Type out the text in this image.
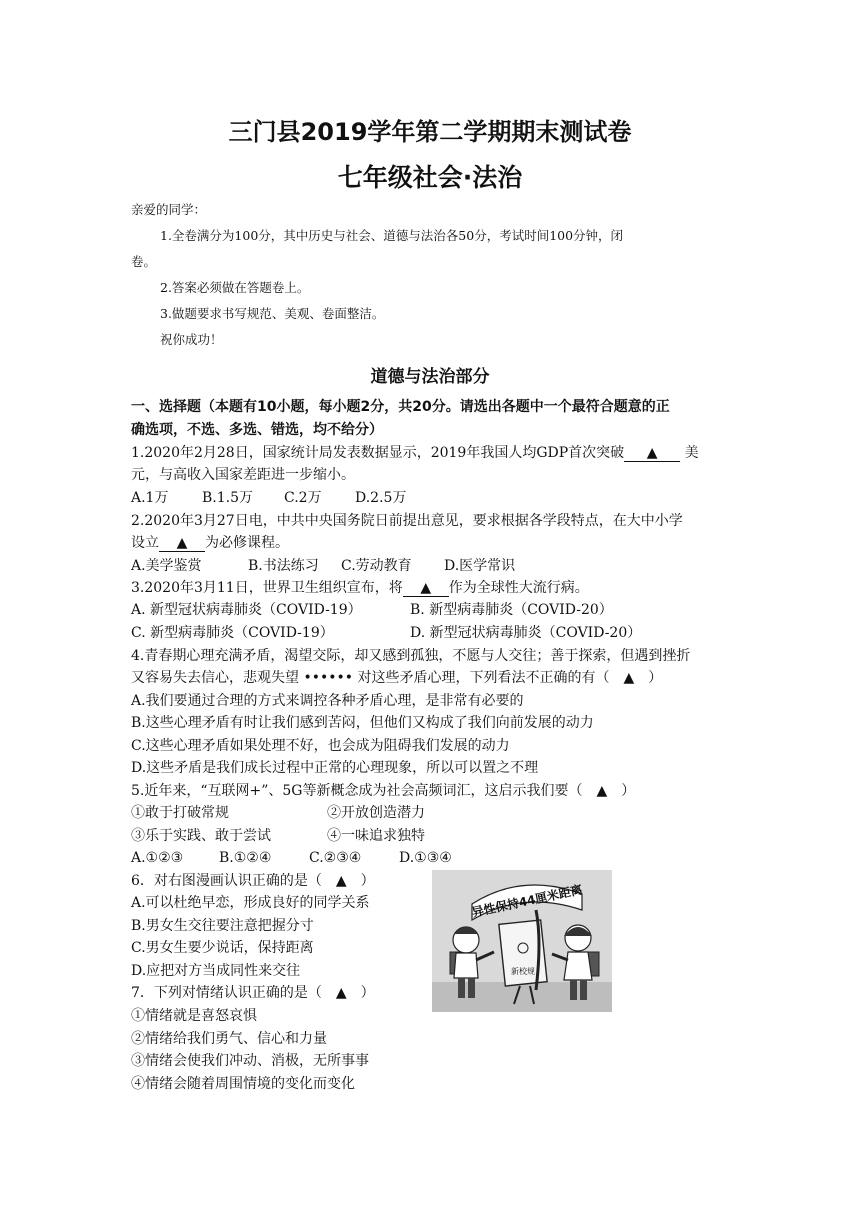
三门县2019学年第二学期期末测试卷
七年级社会·法治
亲爱的同学：
1.全卷满分为100分，其中历史与社会、道德与法治各50分，考试时间100分钟，闭
卷。
2.答案必须做在答题卷上。
3.做题要求书写规范、美观、卷面整洁。
祝你成功！
道德与法治部分
一、选择题（本题有10小题，每小题2分，共20分。请选出各题中一个最符合题意的正
确选项，不选、多选、错选，均不给分）
1.2020年2月28日，国家统计局发表数据显示，2019年我国人均GDP首次突破 ▲ 美
元，与高收入国家差距进一步缩小。
A.1万 B.1.5万 C.2万 D.2.5万
2.2020年3月27日电，中共中央国务院日前提出意见，要求根据各学段特点，在大中小学
设立 ▲ 为必修课程。
A.美学鉴赏	B.书法练习 C.劳动教育 D.医学常识
3.2020年3月11日，世界卫生组织宣布，将 ▲ 作为全球性大流行病。
A. 新型冠状病毒肺炎（COVID-19）	B. 新型病毒肺炎（COVID-20）
C. 新型病毒肺炎（COVID-19）	D. 新型冠状病毒肺炎（COVID-20）
4.青春期心理充满矛盾，渴望交际，却又感到孤独，不愿与人交往；善于探索，但遇到挫折
又容易失去信心，悲观失望 •••••• 对这些矛盾心理，下列看法不正确的有（　▲　）
A.我们要通过合理的方式来调控各种矛盾心理，是非常有必要的
B.这些心理矛盾有时让我们感到苦闷，但他们又构成了我们向前发展的动力
C.这些心理矛盾如果处理不好，也会成为阻碍我们发展的动力
D.这些矛盾是我们成长过程中正常的心理现象，所以可以置之不理
5.近年来，“互联网+”、5G等新概念成为社会高频词汇，这启示我们要（　▲　）
①敢于打破常规	②开放创造潜力
③乐于实践、敢于尝试	④一味追求独特
A.①②③	B.①②④	C.②③④	D.①③④
6．对右图漫画认识正确的是（　▲　）
A.可以杜绝早恋，形成良好的同学关系
B.男女生交往要注意把握分寸
C.男女生要少说话，保持距离
D.应把对方当成同性来交往
7．下列对情绪认识正确的是（　▲　）
①情绪就是喜怒哀惧
②情绪给我们勇气、信心和力量
③情绪会使我们冲动、消极，无所事事
④情绪会随着周围情境的变化而变化
异性保持44厘米距离
新校规
